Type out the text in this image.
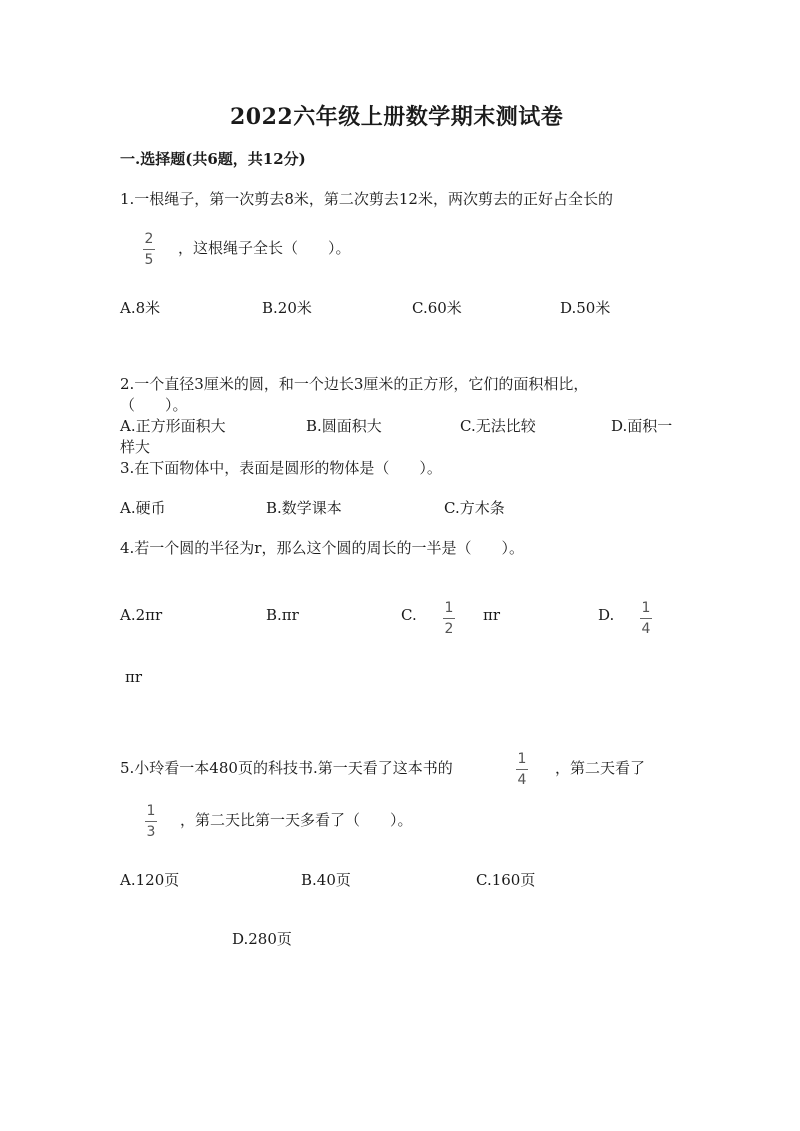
2022六年级上册数学期末测试卷
一.选择题(共6题，共12分)
1.一根绳子，第一次剪去8米，第二次剪去12米，两次剪去的正好占全长的
2
5
，这根绳子全长（　　）。
A.8米	B.20米	C.60米	D.50米
2.一个直径3厘米的圆，和一个边长3厘米的正方形，它们的面积相比，
（　　）。
A.正方形面积大	B.圆面积大	C.无法比较	D.面积一
样大
3.在下面物体中，表面是圆形的物体是（　　）。
A.硬币	B.数学课本	C.方木条
4.若一个圆的半径为r，那么这个圆的周长的一半是（　　）。
A.2πr	B.πr	C. 1
2
πr	D. 1
4
πr
5.小玲看一本480页的科技书.第一天看了这本书的	1
4
，第二天看了
1
3
，第二天比第一天多看了（　　）。
A.120页	B.40页	C.160页
D.280页
